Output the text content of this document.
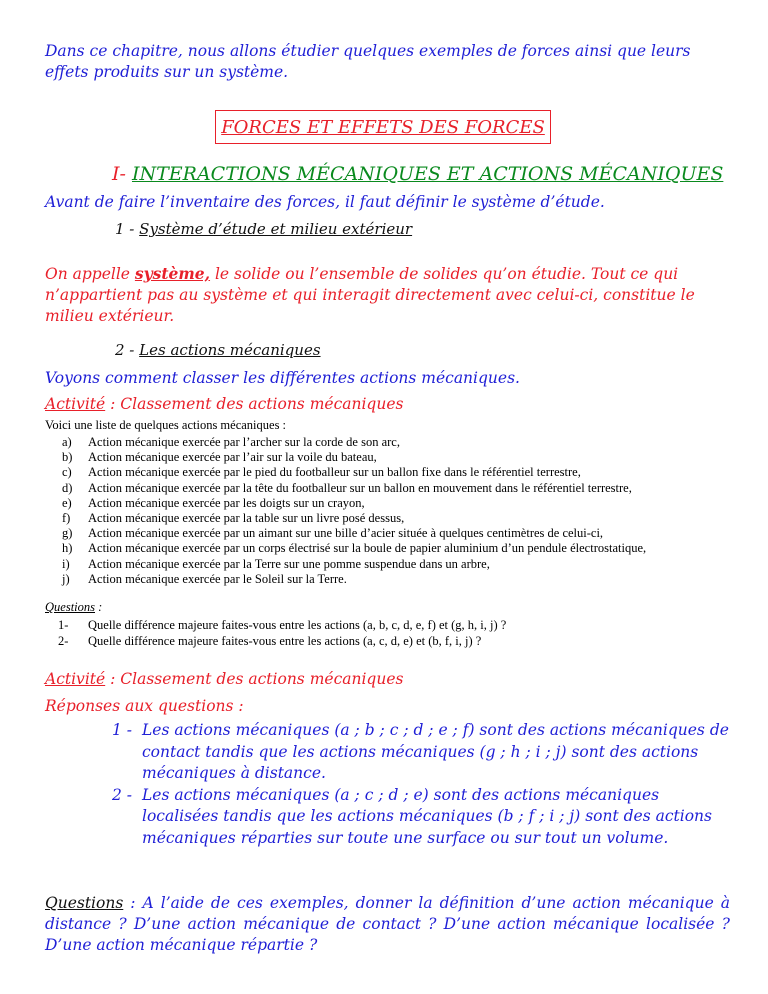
Dans ce chapitre, nous allons étudier quelques exemples de forces ainsi que leurs effets produits sur un système.
FORCES ET EFFETS DES FORCES
I- INTERACTIONS MÉCANIQUES ET ACTIONS MÉCANIQUES
Avant de faire l’inventaire des forces, il faut définir le système d’étude.
1 - Système d’étude et milieu extérieur
On appelle système, le solide ou l’ensemble de solides qu’on étudie. Tout ce qui n’appartient pas au système et qui interagit directement avec celui-ci, constitue le milieu extérieur.
2 - Les actions mécaniques
Voyons comment classer les différentes actions mécaniques.
Activité : Classement des actions mécaniques
Voici une liste de quelques actions mécaniques :
a)	Action mécanique exercée par l’archer sur la corde de son arc,
b)	Action mécanique exercée par l’air sur la voile du bateau,
c)	Action mécanique exercée par le pied du footballeur sur un ballon fixe dans le référentiel terrestre,
d)	Action mécanique exercée par la tête du footballeur sur un ballon en mouvement dans le référentiel terrestre,
e)	Action mécanique exercée par les doigts sur un crayon,
f)	Action mécanique exercée par la table sur un livre posé dessus,
g)	Action mécanique exercée par un aimant sur une bille d’acier située à quelques centimètres de celui-ci,
h)	Action mécanique exercée par un corps électrisé sur la boule de papier aluminium d’un pendule électrostatique,
i)	Action mécanique exercée par la Terre sur une pomme suspendue dans un arbre,
j)	Action mécanique exercée par le Soleil sur la Terre.
Questions :
1-	Quelle différence majeure faites-vous entre les actions (a, b, c, d, e, f) et (g, h, i, j) ?
2-	Quelle différence majeure faites-vous entre les actions (a, c, d, e) et (b, f, i, j) ?
Activité : Classement des actions mécaniques
Réponses aux questions :
1 - Les actions mécaniques (a ; b ; c ; d ; e ; f) sont des actions mécaniques de contact tandis que les actions mécaniques (g ; h ; i ; j) sont des actions mécaniques à distance.
2 - Les actions mécaniques (a ; c ; d ; e) sont des actions mécaniques localisées tandis que les actions mécaniques (b ; f ; i ; j) sont des actions mécaniques réparties sur toute une surface ou sur tout un volume.
Questions : A l’aide de ces exemples, donner la définition d’une action mécanique à distance ? D’une action mécanique de contact ? D’une action mécanique localisée ? D’une action mécanique répartie ?
